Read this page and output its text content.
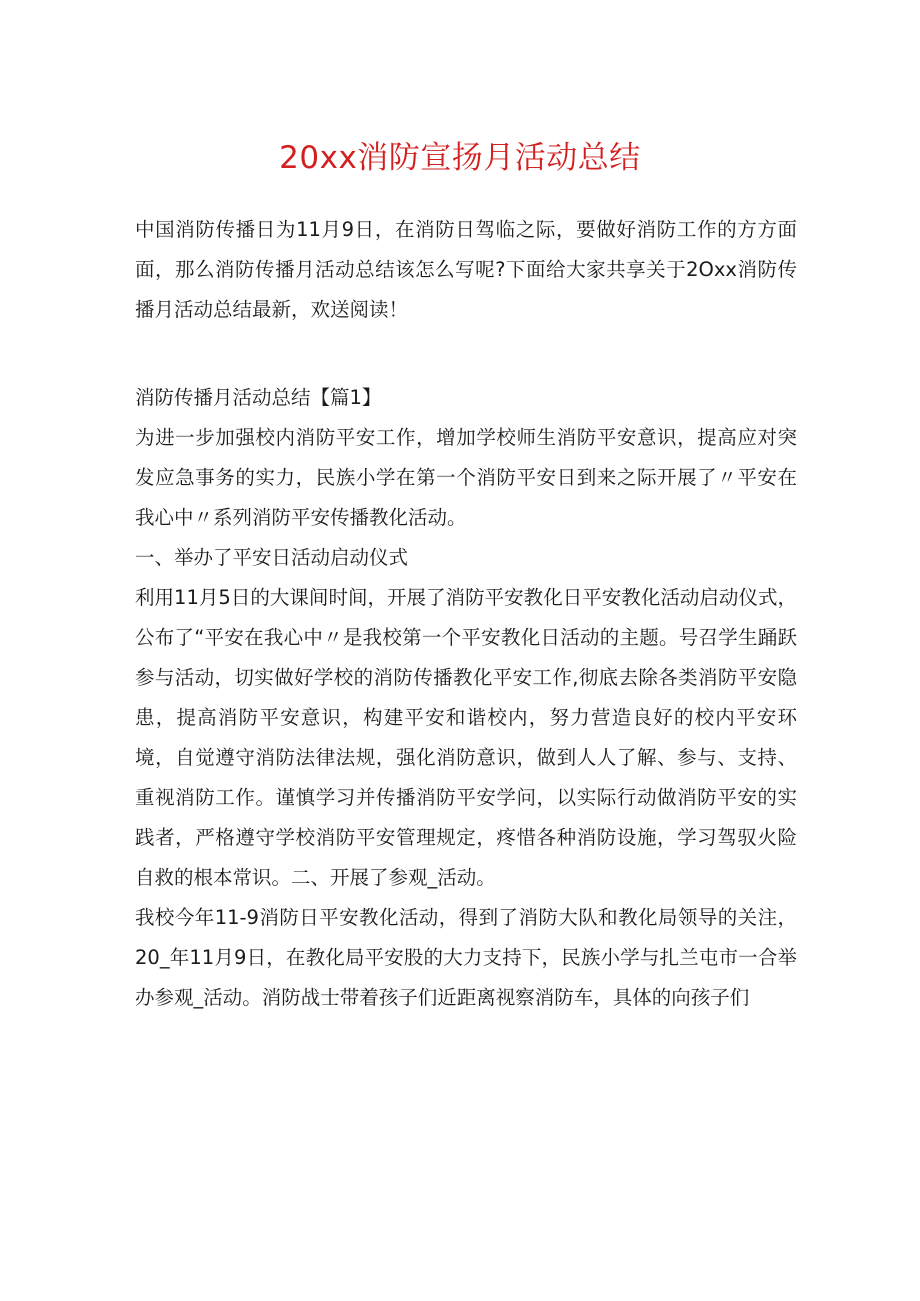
20xx消防宣扬月活动总结

中国消防传播日为11月9日，在消防日驾临之际，要做好消防工作的方方面面，那么消防传播月活动总结该怎么写呢?下面给大家共享关于2Oxx消防传播月活动总结最新，欢送阅读！

消防传播月活动总结【篇1】

为进一步加强校内消防平安工作，增加学校师生消防平安意识，提高应对突发应急事务的实力，民族小学在第一个消防平安日到来之际开展了〃平安在我心中〃系列消防平安传播教化活动。

一、举办了平安日活动启动仪式

利用11月5日的大课间时间，开展了消防平安教化日平安教化活动启动仪式，公布了“平安在我心中〃是我校第一个平安教化日活动的主题。号召学生踊跃参与活动，切实做好学校的消防传播教化平安工作,彻底去除各类消防平安隐患，提高消防平安意识，构建平安和谐校内，努力营造良好的校内平安环境，自觉遵守消防法律法规，强化消防意识，做到人人了解、参与、支持、重视消防工作。谨慎学习并传播消防平安学问，以实际行动做消防平安的实践者，严格遵守学校消防平安管理规定，疼惜各种消防设施，学习驾驭火险自救的根本常识。二、开展了参观_活动。

我校今年11-9消防日平安教化活动，得到了消防大队和教化局领导的关注，20_年11月9日，在教化局平安股的大力支持下，民族小学与扎兰屯市一合举办参观_活动。消防战士带着孩子们近距离视察消防车，具体的向孩子们
